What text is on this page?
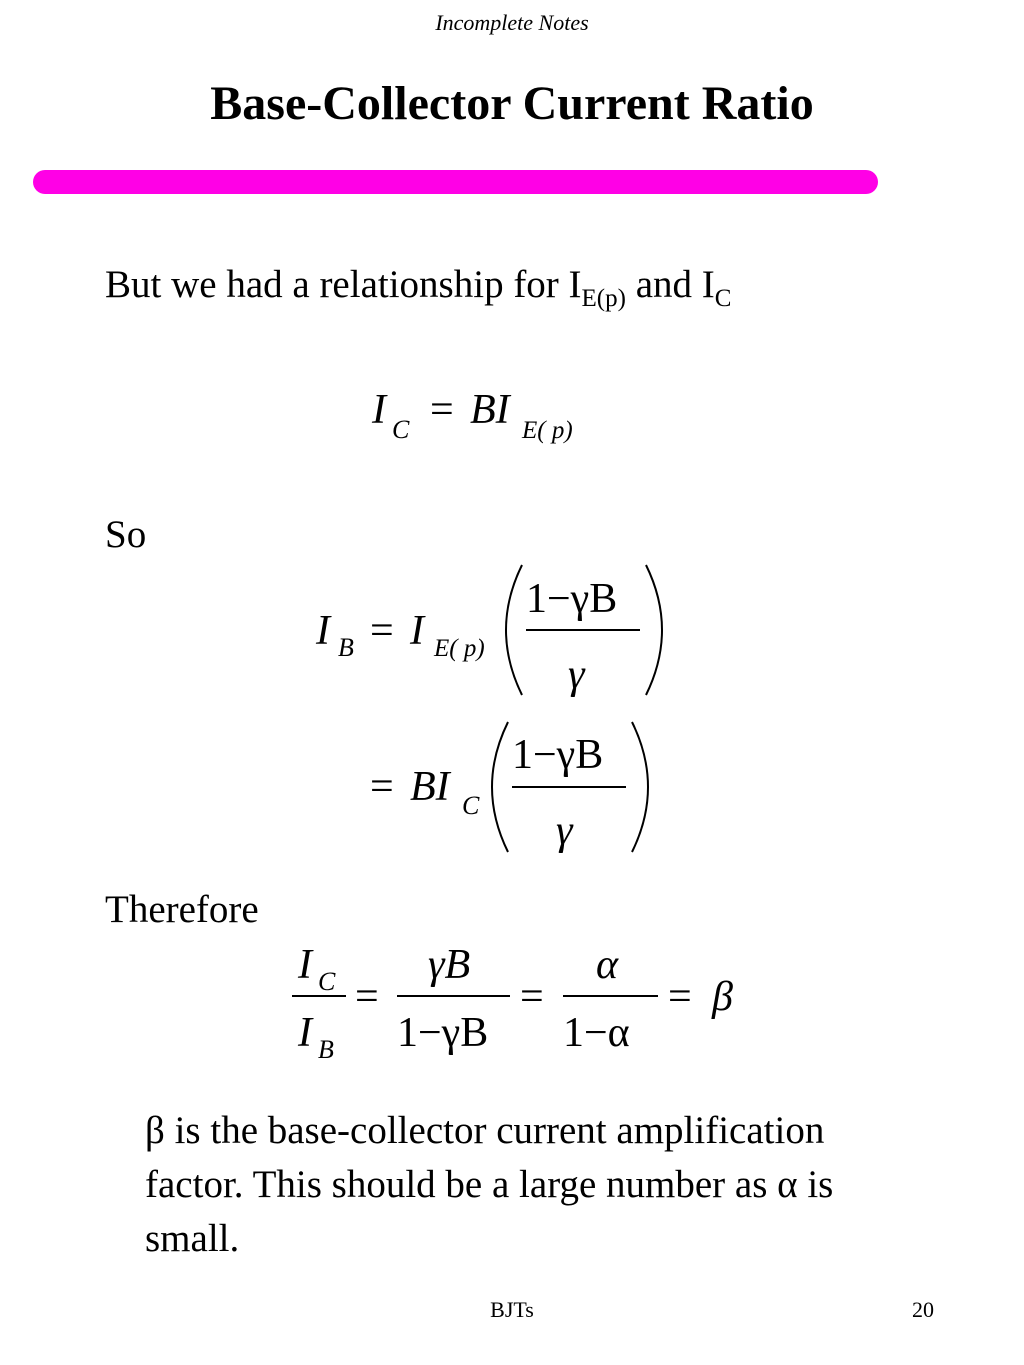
Incomplete Notes
Base-Collector Current Ratio
But we had a relationship for $I_{E(p)}$ and $I_C$
So
Therefore
I C = BI E( p)
I B = I E( p)
1−γB
γ
= BI C
1−γB
γ
I C
I B
=
γB
1−γB
=
α
1−α
= β

β is the base-collector current amplification

factor. This should be a large number as α is

small.

BJTs	20
